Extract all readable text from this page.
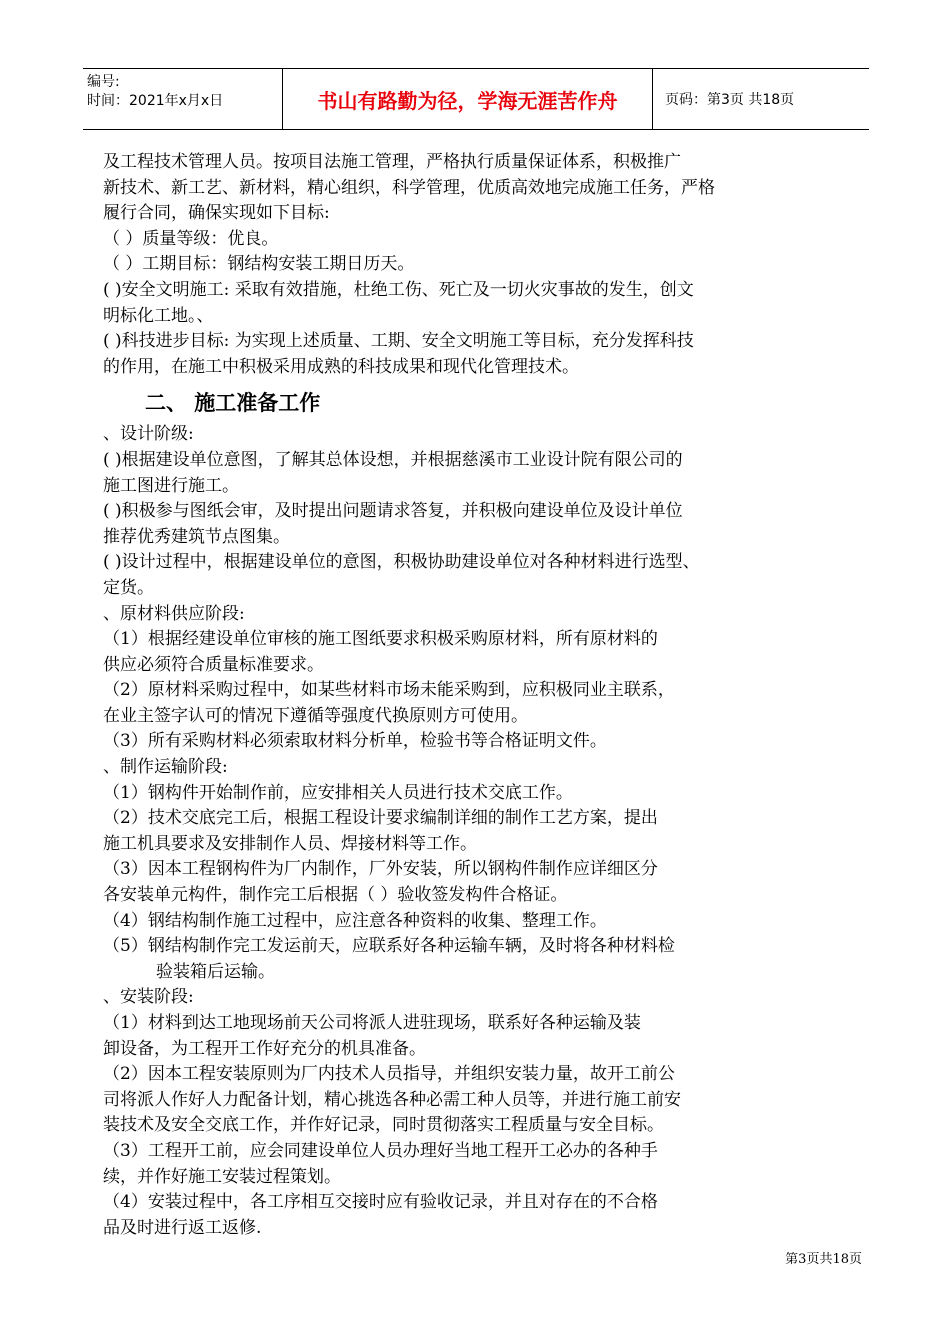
编号:
时间：2021年x月x日	书山有路勤为径，学海无涯苦作舟	页码：第3页 共18页
及工程技术管理人员。按项目法施工管理，严格执行质量保证体系，积极推广
新技术、新工艺、新材料，精心组织，科学管理，优质高效地完成施工任务，严格
履行合同，确保实现如下目标:
（ ）质量等级：优良。
（ ）工期目标：钢结构安装工期日历天。
( )安全文明施工: 采取有效措施，杜绝工伤、死亡及一切火灾事故的发生，创文
明标化工地。、
( )科技进步目标: 为实现上述质量、工期、安全文明施工等目标，充分发挥科技
的作用，在施工中积极采用成熟的科技成果和现代化管理技术。
二、 施工准备工作
、设计阶级:
( )根据建设单位意图，了解其总体设想，并根据慈溪市工业设计院有限公司的
施工图进行施工。
( )积极参与图纸会审，及时提出问题请求答复，并积极向建设单位及设计单位
推荐优秀建筑节点图集。
( )设计过程中，根据建设单位的意图，积极协助建设单位对各种材料进行选型、
定货。
、原材料供应阶段:
（1）根据经建设单位审核的施工图纸要求积极采购原材料，所有原材料的
供应必须符合质量标准要求。
（2）原材料采购过程中，如某些材料市场未能采购到，应积极同业主联系，
在业主签字认可的情况下遵循等强度代换原则方可使用。
（3）所有采购材料必须索取材料分析单，检验书等合格证明文件。
、制作运输阶段:
（1）钢构件开始制作前，应安排相关人员进行技术交底工作。
（2）技术交底完工后，根据工程设计要求编制详细的制作工艺方案，提出
施工机具要求及安排制作人员、焊接材料等工作。
（3）因本工程钢构件为厂内制作，厂外安装，所以钢构件制作应详细区分
各安装单元构件，制作完工后根据（ ）验收签发构件合格证。
（4）钢结构制作施工过程中，应注意各种资料的收集、整理工作。
（5）钢结构制作完工发运前天，应联系好各种运输车辆，及时将各种材料检
验装箱后运输。
、安装阶段:
（1）材料到达工地现场前天公司将派人进驻现场，联系好各种运输及装
卸设备，为工程开工作好充分的机具准备。
（2）因本工程安装原则为厂内技术人员指导，并组织安装力量，故开工前公
司将派人作好人力配备计划，精心挑选各种必需工种人员等，并进行施工前安
装技术及安全交底工作，并作好记录，同时贯彻落实工程质量与安全目标。
（3）工程开工前，应会同建设单位人员办理好当地工程开工必办的各种手
续，并作好施工安装过程策划。
（4）安装过程中，各工序相互交接时应有验收记录，并且对存在的不合格
品及时进行返工返修.
第3页共18页
